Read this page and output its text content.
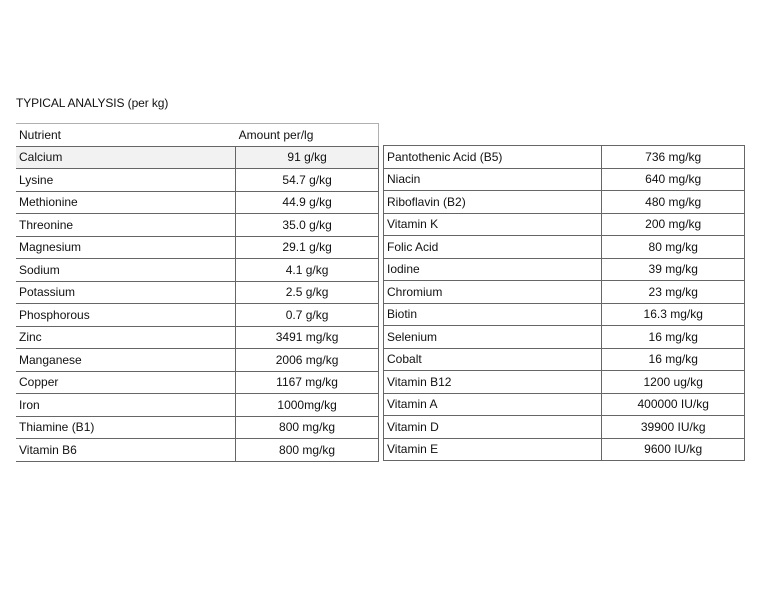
TYPICAL ANALYSIS (per kg)
Nutrient	Amount per/lg
Calcium	91 g/kg
Lysine	54.7 g/kg
Methionine	44.9 g/kg
Threonine	35.0 g/kg
Magnesium	29.1 g/kg
Sodium	4.1 g/kg
Potassium	2.5 g/kg
Phosphorous	0.7 g/kg
Zinc	3491 mg/kg
Manganese	2006 mg/kg
Copper	1167 mg/kg
Iron	1000mg/kg
Thiamine (B1)	800 mg/kg
Vitamin B6	800 mg/kg
Pantothenic Acid (B5)	736 mg/kg
Niacin	640 mg/kg
Riboflavin (B2)	480 mg/kg
Vitamin K	200 mg/kg
Folic Acid	80 mg/kg
Iodine	39 mg/kg
Chromium	23 mg/kg
Biotin	16.3 mg/kg
Selenium	16 mg/kg
Cobalt	16 mg/kg
Vitamin B12	1200 ug/kg
Vitamin A	400000 IU/kg
Vitamin D	39900 IU/kg
Vitamin E	9600 IU/kg
